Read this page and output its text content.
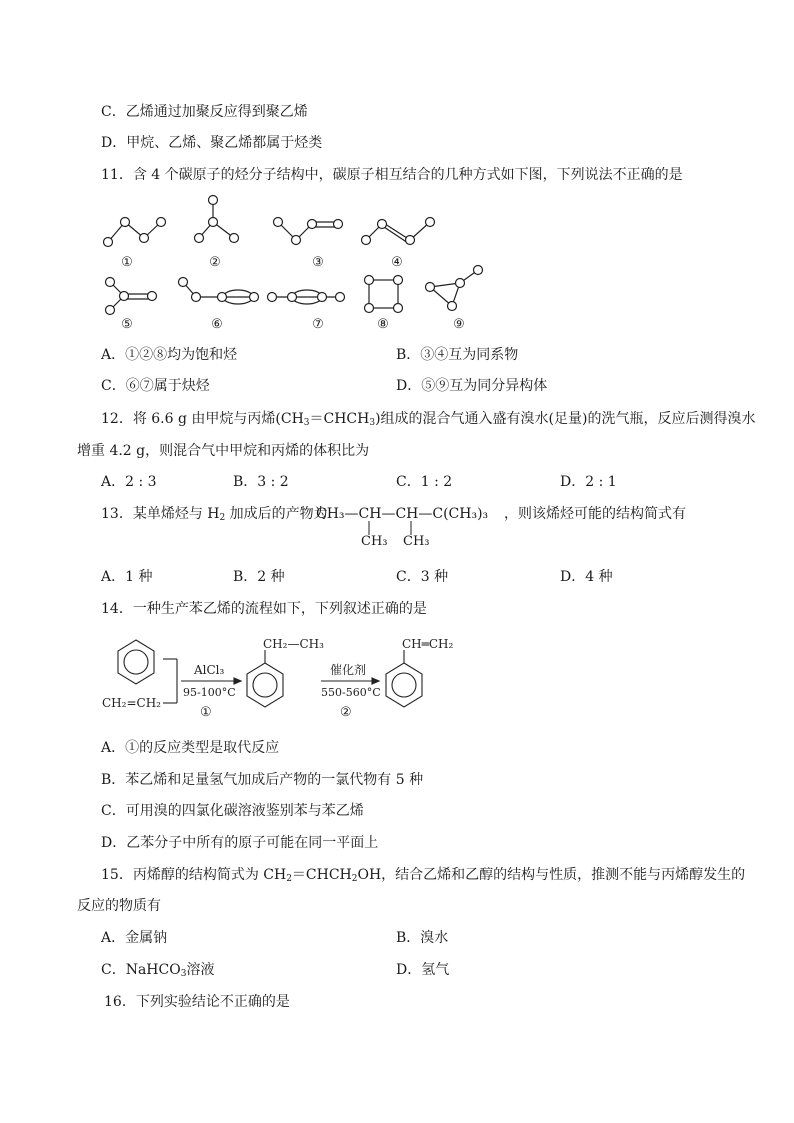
C．乙烯通过加聚反应得到聚乙烯
D．甲烷、乙烯、聚乙烯都属于烃类
11．含 4 个碳原子的烃分子结构中，碳原子相互结合的几种方式如下图，下列说法不正确的是
①	②	③	④
⑤	⑥	⑦	⑧	⑨
A．①②⑧均为饱和烃	B．③④互为同系物
C．⑥⑦属于炔烃	D．⑤⑨互为同分异构体
12．将 6.6 g 由甲烷与丙烯$(CH_3=CHCH_3)$组成的混合气通入盛有溴水(足量)的洗气瓶，反应后测得溴水
增重 4.2 g，则混合气中甲烷和丙烯的体积比为
A．2 : 3	B．3 : 2	C．1 : 2	D．2 : 1
13．某单烯烃与 $H_2$ 加成后的产物为
CH₃—CH—CH—C(CH₃)₃
CH₃ CH₃
，则该烯烃可能的结构简式有
A．1 种	B．2 种	C．3 种	D．4 种
14．一种生产苯乙烯的流程如下，下列叙述正确的是
CH₂=CH₂
AlCl₃
95-100°C
①
CH₂—CH₃
催化剂
550-560°C
②
CH═CH₂
A．①的反应类型是取代反应
B．苯乙烯和足量氢气加成后产物的一氯代物有 5 种
C．可用溴的四氯化碳溶液鉴别苯与苯乙烯
D．乙苯分子中所有的原子可能在同一平面上
15．丙烯醇的结构简式为 $CH_2=CHCH_2OH$，结合乙烯和乙醇的结构与性质，推测不能与丙烯醇发生的
反应的物质有
A．金属钠	B．溴水
C．NaHCO$_3$溶液	D．氢气
16．下列实验结论不正确的是
